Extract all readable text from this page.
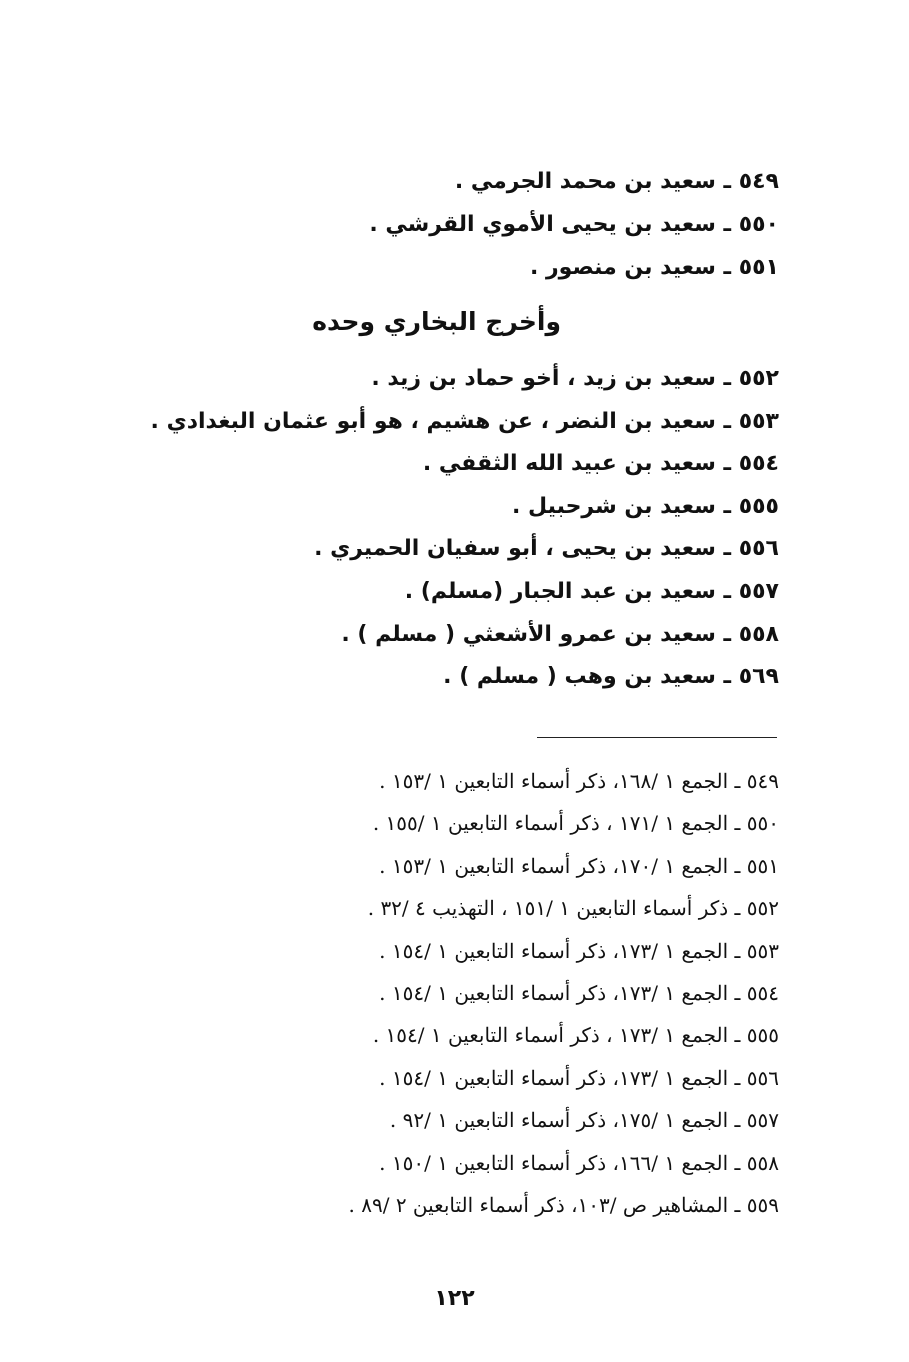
٥٤٩ ـ سعيد بن محمد الجرمي .
٥٥٠ ـ سعيد بن يحيى الأموي القرشي .
٥٥١ ـ سعيد بن منصور .
وأخرج البخاري وحده
٥٥٢ ـ سعيد بن زيد ، أخو حماد بن زيد .
٥٥٣ ـ سعيد بن النضر ، عن هشيم ، هو أبو عثمان البغدادي .
٥٥٤ ـ سعيد بن عبيد الله الثقفي .
٥٥٥ ـ سعيد بن شرحبيل .
٥٥٦ ـ سعيد بن يحيى ، أبو سفيان الحميري .
٥٥٧ ـ سعيد بن عبد الجبار (مسلم) .
٥٥٨ ـ سعيد بن عمرو الأشعثي ( مسلم ) .
٥٦٩ ـ سعيد بن وهب ( مسلم ) .
٥٤٩ ـ الجمع ١ /١٦٨، ذكر أسماء التابعين ١ /١٥٣ .
٥٥٠ ـ الجمع ١ /١٧١ ، ذكر أسماء التابعين ١ /١٥٥ .
٥٥١ ـ الجمع ١ /١٧٠، ذكر أسماء التابعين ١ /١٥٣ .
٥٥٢ ـ ذكر أسماء التابعين ١ /١٥١ ، التهذيب ٤ /٣٢ .
٥٥٣ ـ الجمع ١ /١٧٣، ذكر أسماء التابعين ١ /١٥٤ .
٥٥٤ ـ الجمع ١ /١٧٣، ذكر أسماء التابعين ١ /١٥٤ .
٥٥٥ ـ الجمع ١ /١٧٣ ، ذكر أسماء التابعين ١ /١٥٤ .
٥٥٦ ـ الجمع ١ /١٧٣، ذكر أسماء التابعين ١ /١٥٤ .
٥٥٧ ـ الجمع ١ /١٧٥، ذكر أسماء التابعين ١ /٩٢ .
٥٥٨ ـ الجمع ١ /١٦٦، ذكر أسماء التابعين ١ /١٥٠ .
٥٥٩ ـ المشاهير ص /١٠٣، ذكر أسماء التابعين ٢ /٨٩ .
١٢٢
